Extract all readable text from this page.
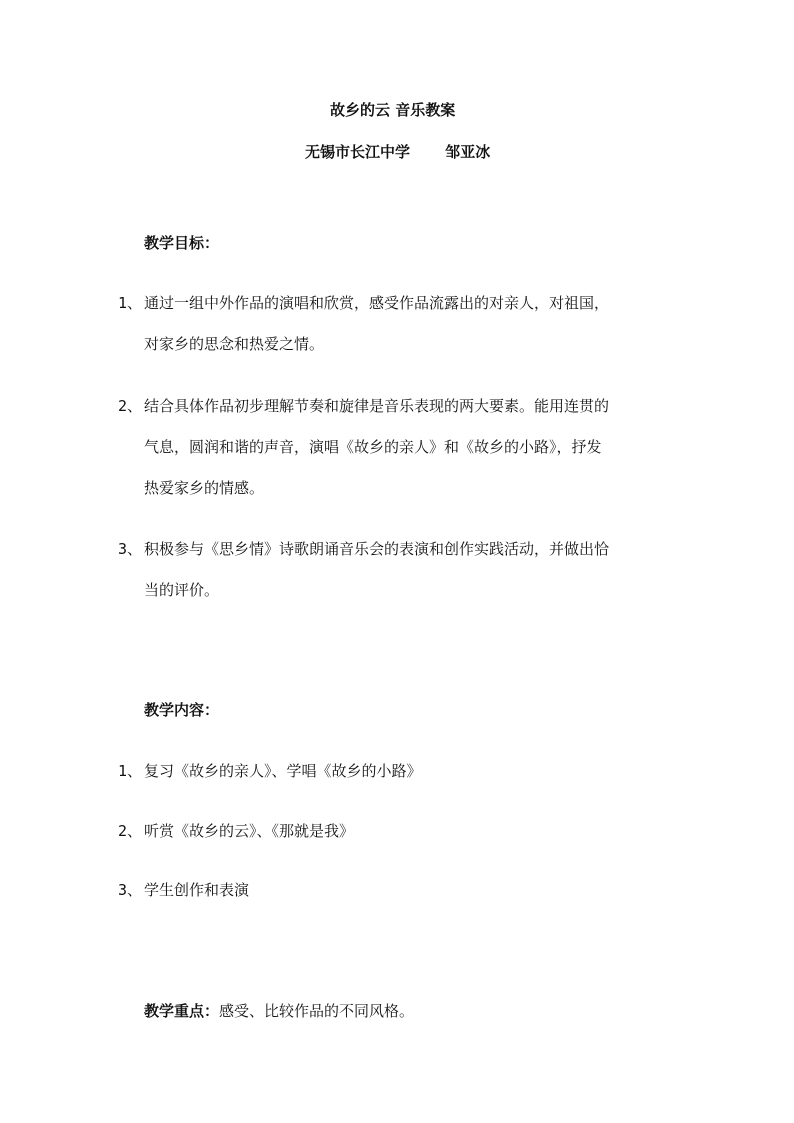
故乡的云 音乐教案
无锡市长江中学 邹亚冰
教学目标：
1、 通过一组中外作品的演唱和欣赏，感受作品流露出的对亲人，对祖国，
对家乡的思念和热爱之情。
2、 结合具体作品初步理解节奏和旋律是音乐表现的两大要素。能用连贯的
气息，圆润和谐的声音，演唱《故乡的亲人》和《故乡的小路》，抒发
热爱家乡的情感。
3、 积极参与《思乡情》诗歌朗诵音乐会的表演和创作实践活动，并做出恰
当的评价。
教学内容：
1、 复习《故乡的亲人》、学唱《故乡的小路》
2、 听赏《故乡的云》、《那就是我》
3、 学生创作和表演
教学重点：感受、比较作品的不同风格。
